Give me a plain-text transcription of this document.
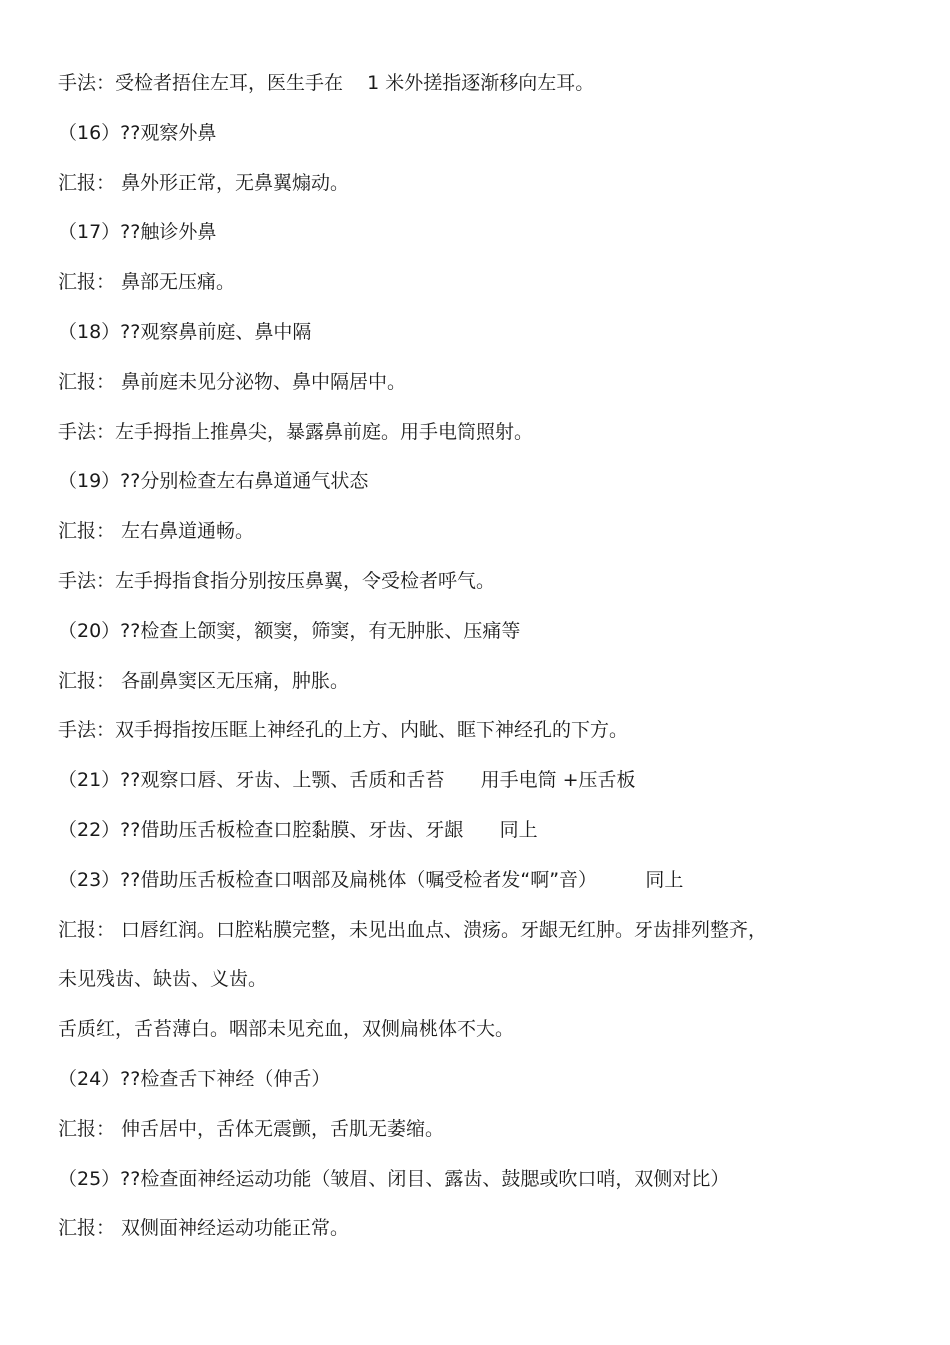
手法：受检者捂住左耳，医生手在    1 米外搓指逐渐移向左耳。
（16）??观察外鼻
汇报： 鼻外形正常，无鼻翼煽动。
（17）??触诊外鼻
汇报： 鼻部无压痛。
（18）??观察鼻前庭、鼻中隔
汇报： 鼻前庭未见分泌物、鼻中隔居中。
手法：左手拇指上推鼻尖，暴露鼻前庭。用手电筒照射。
（19）??分别检查左右鼻道通气状态
汇报： 左右鼻道通畅。
手法：左手拇指食指分别按压鼻翼，令受检者呼气。
（20）??检查上颌窦，额窦，筛窦，有无肿胀、压痛等
汇报： 各副鼻窦区无压痛，肿胀。
手法：双手拇指按压眶上神经孔的上方、内眦、眶下神经孔的下方。
（21）??观察口唇、牙齿、上颚、舌质和舌苔      用手电筒 +压舌板
（22）??借助压舌板检查口腔黏膜、牙齿、牙龈      同上
（23）??借助压舌板检查口咽部及扁桃体（嘱受检者发“啊”音）        同上
汇报： 口唇红润。口腔粘膜完整，未见出血点、溃疡。牙龈无红肿。牙齿排列整齐，
未见残齿、缺齿、义齿。
舌质红，舌苔薄白。咽部未见充血，双侧扁桃体不大。
（24）??检查舌下神经（伸舌）
汇报： 伸舌居中，舌体无震颤，舌肌无萎缩。
（25）??检查面神经运动功能（皱眉、闭目、露齿、鼓腮或吹口哨，双侧对比）
汇报： 双侧面神经运动功能正常。
